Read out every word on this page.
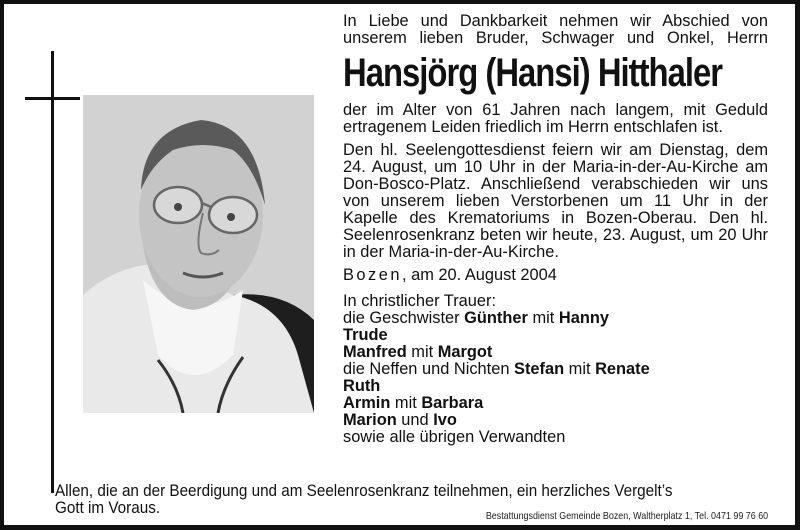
In Liebe und Dankbarkeit nehmen wir Abschied von
unserem lieben Bruder, Schwager und Onkel, Herrn
Hansjörg (Hansi) Hitthaler
der im Alter von 61 Jahren nach langem, mit Geduld
ertragenem Leiden friedlich im Herrn entschlafen ist.
Den hl. Seelengottesdienst feiern wir am Dienstag, dem
24. August, um 10 Uhr in der Maria-in-der-Au-Kirche am
Don-Bosco-Platz. Anschließend verabschieden wir uns
von unserem lieben Verstorbenen um 11 Uhr in der
Kapelle des Krematoriums in Bozen-Oberau. Den hl.
Seelenrosenkranz beten wir heute, 23. August, um 20 Uhr
in der Maria-in-der-Au-Kirche.
Bozen, am 20. August 2004
In christlicher Trauer:
die Geschwister Günther mit Hanny
Trude
Manfred mit Margot
die Neffen und Nichten Stefan mit Renate
Ruth
Armin mit Barbara
Marion und Ivo
sowie alle übrigen Verwandten
Allen, die an der Beerdigung und am Seelenrosenkranz teilnehmen, ein herzliches Vergelt’s
Gott im Voraus.	Bestattungsdienst Gemeinde Bozen, Waltherplatz 1, Tel. 0471 99 76 60
